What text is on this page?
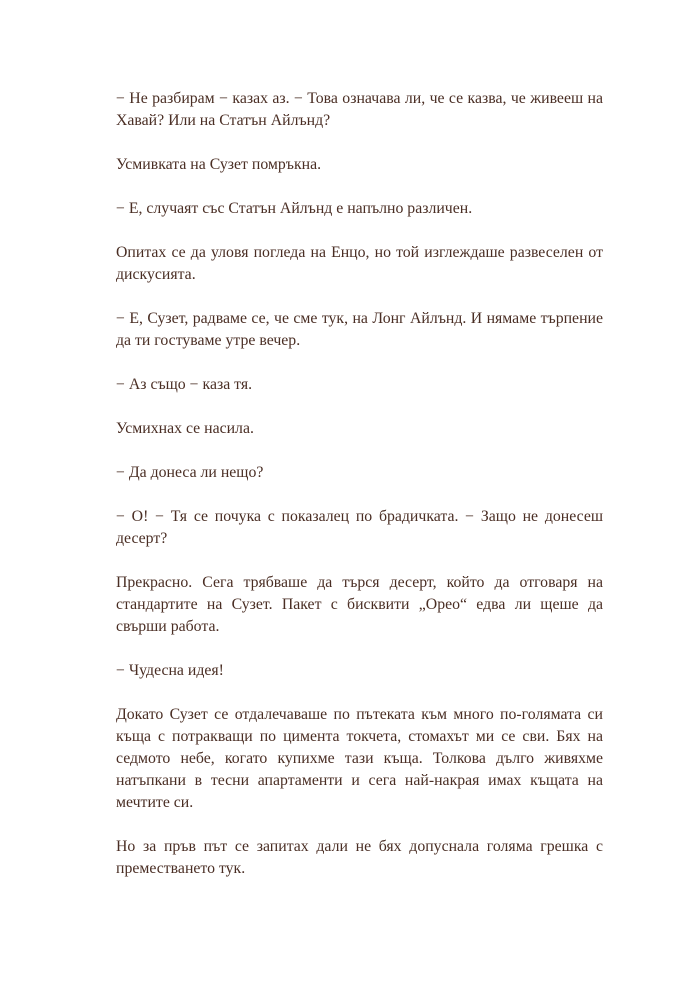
− Не разбирам − казах аз. − Това означава ли, че се казва, че живееш на Хавай? Или на Статън Айлънд?

Усмивката на Сузет помръкна.

− Е, случаят със Статън Айлънд е напълно различен.

Опитах се да уловя погледа на Енцо, но той изглеждаше развеселен от дискусията.

− Е, Сузет, радваме се, че сме тук, на Лонг Айлънд. И нямаме търпение да ти гостуваме утре вечер.

− Аз също − каза тя.

Усмихнах се насила.

− Да донеса ли нещо?

− О! − Тя се почука с показалец по брадичката. − Защо не донесеш десерт?

Прекрасно. Сега трябваше да търся десерт, който да отговаря на стандартите на Сузет. Пакет с бисквити „Орео“ едва ли щеше да свърши работа.

− Чудесна идея!

Докато Сузет се отдалечаваше по пътеката към много по-голямата си къща с потракващи по цимента токчета, стомахът ми се сви. Бях на седмото небе, когато купихме тази къща. Толкова дълго живяхме натъпкани в тесни апартаменти и сега най-накрая имах къщата на мечтите си.

Но за пръв път се запитах дали не бях допуснала голяма грешка с преместването тук.
